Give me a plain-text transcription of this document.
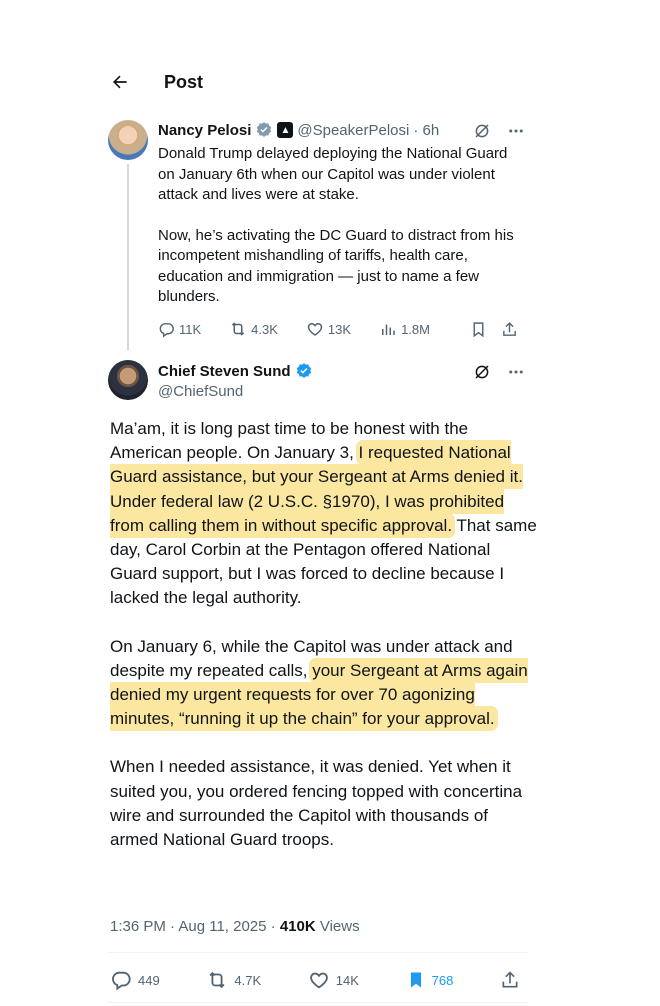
Post
Nancy Pelosi	▲ @SpeakerPelosi · 6h

Donald Trump delayed deploying the National Guard on January 6th when our Capitol was under violent attack and lives were at stake.

Now, he’s activating the DC Guard to distract from his incompetent mishandling of tariffs, health care, education and immigration — just to name a few blunders.

11K	4.3K	13K	1.8M
Chief Steven Sund
@ChiefSund

Ma’am, it is long past time to be honest with the American people. On January 3, I requested National Guard assistance, but your Sergeant at Arms denied it. Under federal law (2 U.S.C. §1970), I was prohibited from calling them in without specific approval. That same day, Carol Corbin at the Pentagon offered National Guard support, but I was forced to decline because I lacked the legal authority.

On January 6, while the Capitol was under attack and despite my repeated calls, your Sergeant at Arms again denied my urgent requests for over 70 agonizing minutes, “running it up the chain” for your approval.

When I needed assistance, it was denied. Yet when it suited you, you ordered fencing topped with concertina wire and surrounded the Capitol with thousands of armed National Guard troops.

1:36 PM · Aug 11, 2025 · 410K Views
449	4.7K	14K	768
